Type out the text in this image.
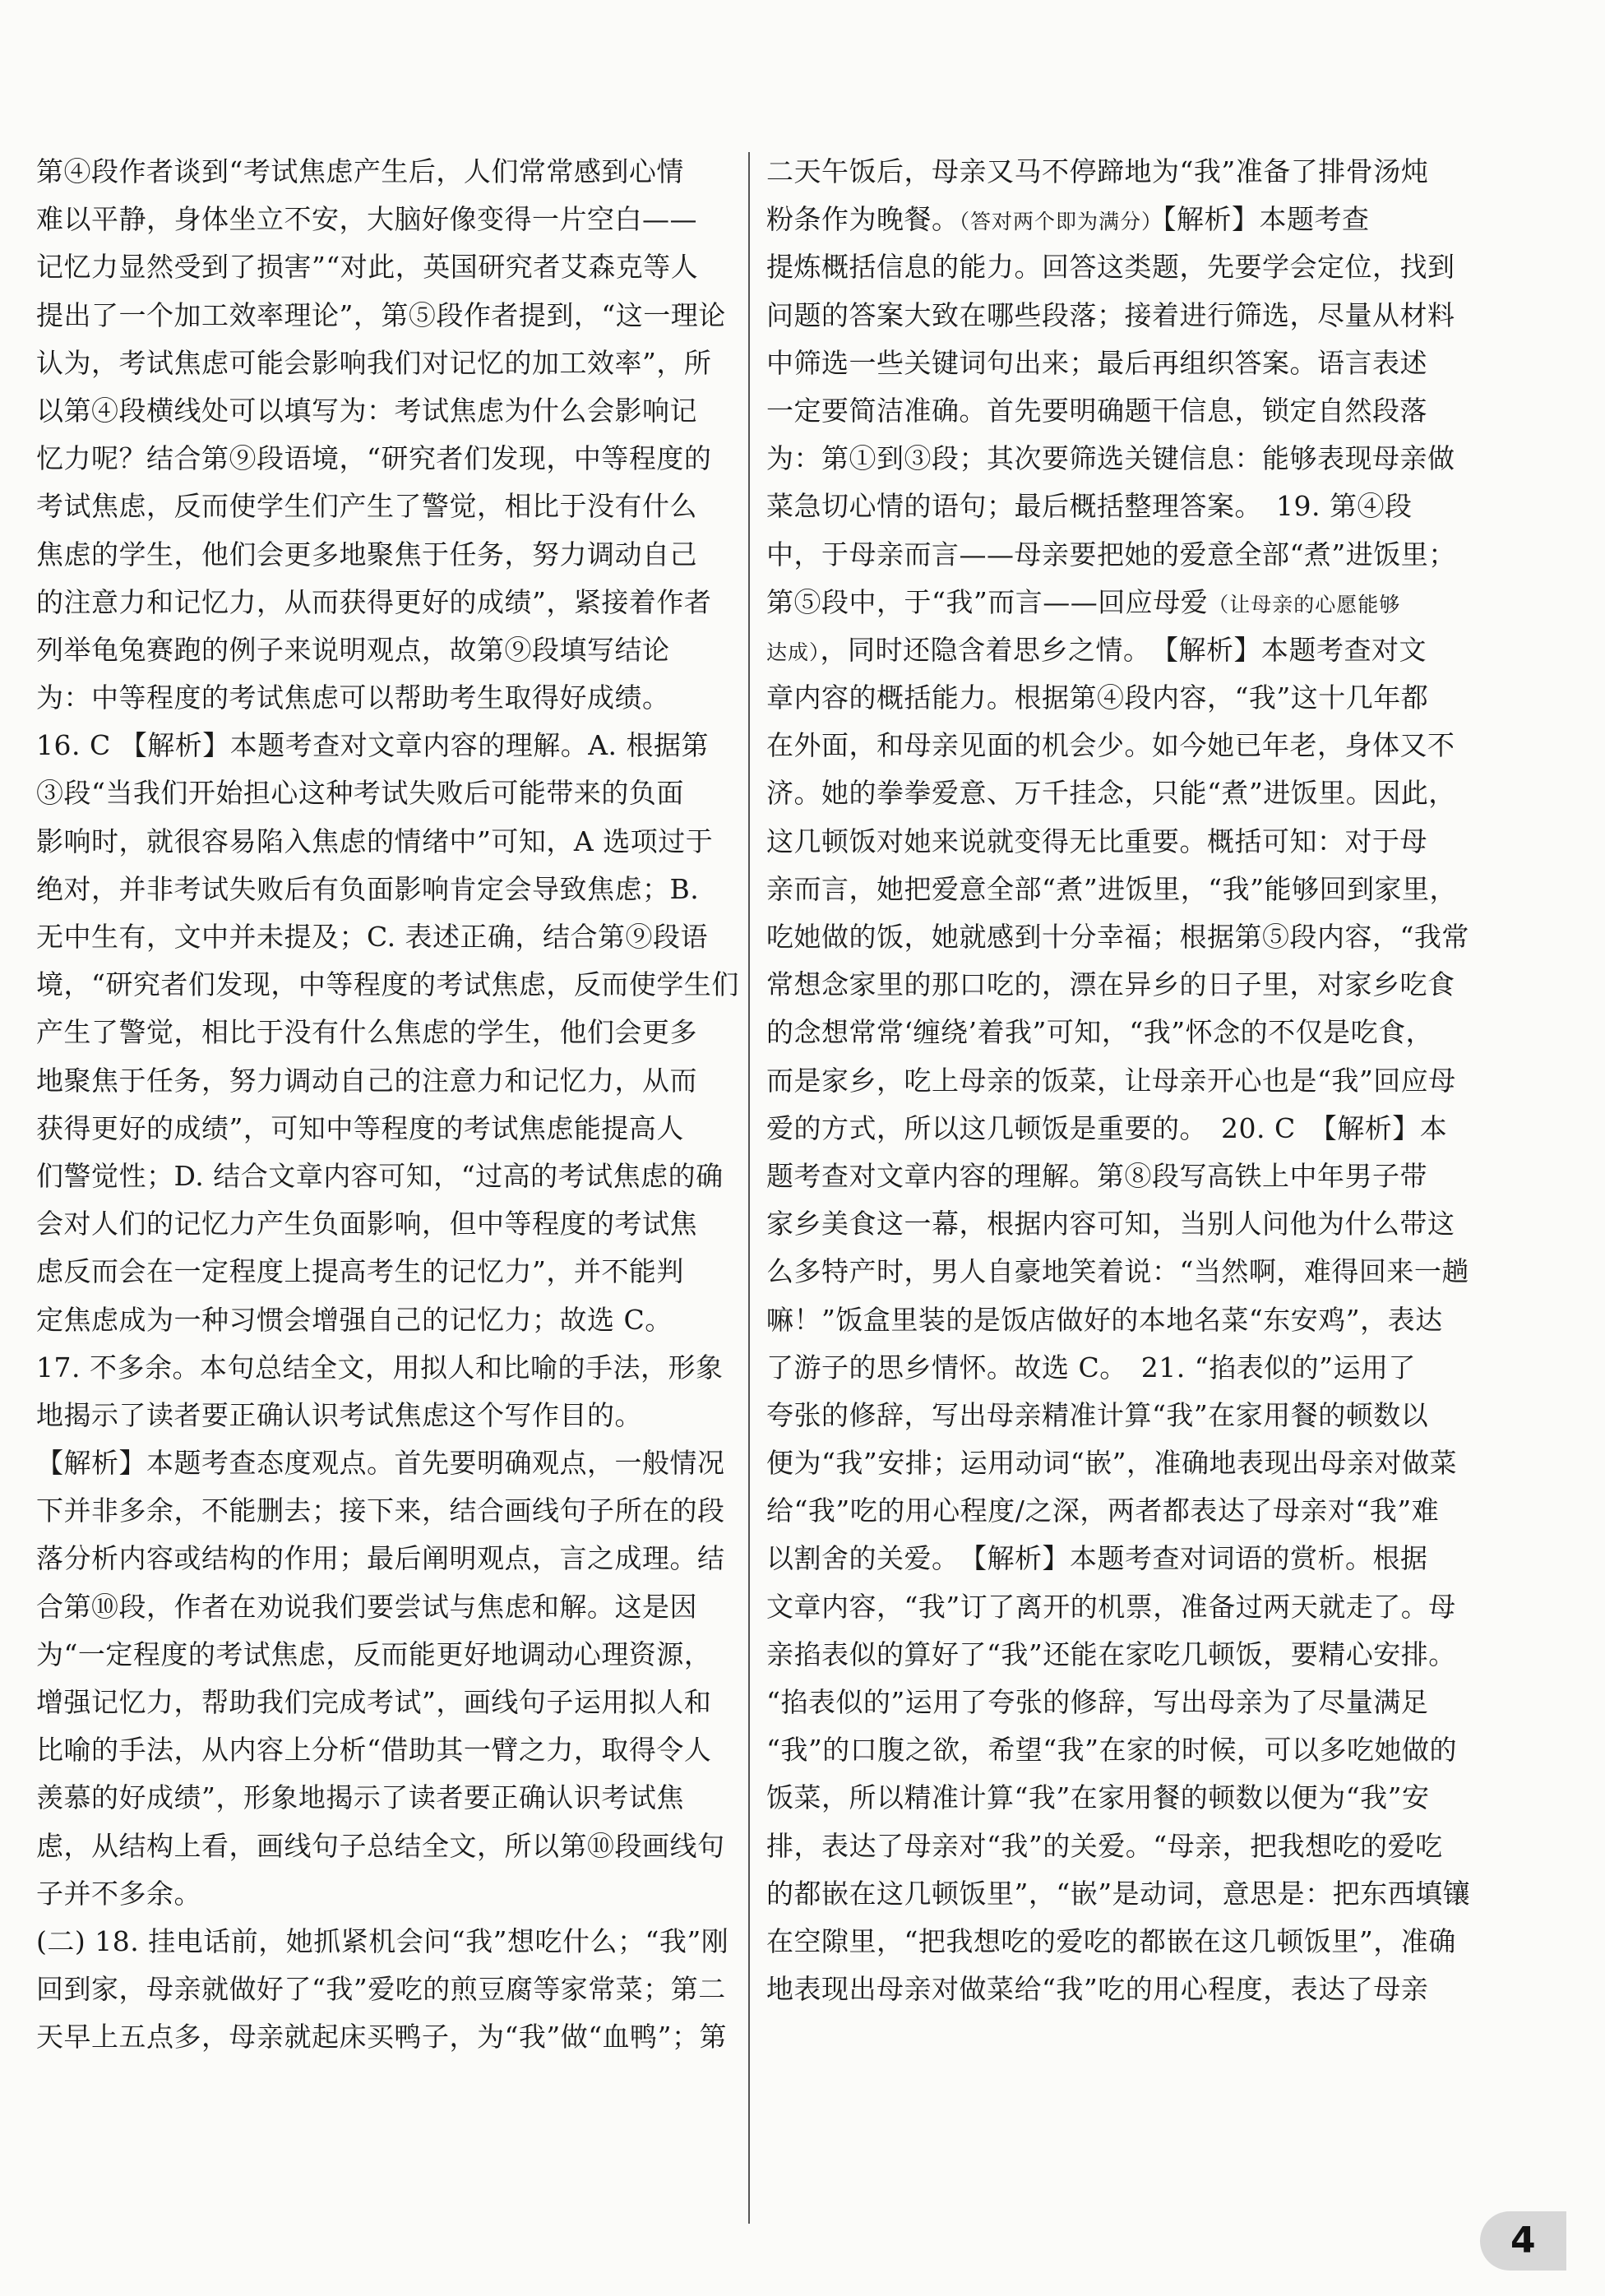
第④段作者谈到“考试焦虑产生后，人们常常感到心情
难以平静，身体坐立不安，大脑好像变得一片空白——
记忆力显然受到了损害”“对此，英国研究者艾森克等人
提出了一个加工效率理论”，第⑤段作者提到，“这一理论
认为，考试焦虑可能会影响我们对记忆的加工效率”，所
以第④段横线处可以填写为：考试焦虑为什么会影响记
忆力呢？结合第⑨段语境，“研究者们发现，中等程度的
考试焦虑，反而使学生们产生了警觉，相比于没有什么
焦虑的学生，他们会更多地聚焦于任务，努力调动自己
的注意力和记忆力，从而获得更好的成绩”，紧接着作者
列举龟兔赛跑的例子来说明观点，故第⑨段填写结论
为：中等程度的考试焦虑可以帮助考生取得好成绩。
16. C 【解析】本题考查对文章内容的理解。A. 根据第
③段“当我们开始担心这种考试失败后可能带来的负面
影响时，就很容易陷入焦虑的情绪中”可知，A 选项过于
绝对，并非考试失败后有负面影响肯定会导致焦虑；B.
无中生有，文中并未提及；C. 表述正确，结合第⑨段语
境，“研究者们发现，中等程度的考试焦虑，反而使学生们
产生了警觉，相比于没有什么焦虑的学生，他们会更多
地聚焦于任务，努力调动自己的注意力和记忆力，从而
获得更好的成绩”，可知中等程度的考试焦虑能提高人
们警觉性；D. 结合文章内容可知，“过高的考试焦虑的确
会对人们的记忆力产生负面影响，但中等程度的考试焦
虑反而会在一定程度上提高考生的记忆力”，并不能判
定焦虑成为一种习惯会增强自己的记忆力；故选 C。
17. 不多余。本句总结全文，用拟人和比喻的手法，形象
地揭示了读者要正确认识考试焦虑这个写作目的。
【解析】本题考查态度观点。首先要明确观点，一般情况
下并非多余，不能删去；接下来，结合画线句子所在的段
落分析内容或结构的作用；最后阐明观点，言之成理。结
合第⑩段，作者在劝说我们要尝试与焦虑和解。这是因
为“一定程度的考试焦虑，反而能更好地调动心理资源，
增强记忆力，帮助我们完成考试”，画线句子运用拟人和
比喻的手法，从内容上分析“借助其一臂之力，取得令人
羡慕的好成绩”，形象地揭示了读者要正确认识考试焦
虑，从结构上看，画线句子总结全文，所以第⑩段画线句
子并不多余。
(二) 18. 挂电话前，她抓紧机会问“我”想吃什么；“我”刚
回到家，母亲就做好了“我”爱吃的煎豆腐等家常菜；第二
天早上五点多，母亲就起床买鸭子，为“我”做“血鸭”；第
二天午饭后，母亲又马不停蹄地为“我”准备了排骨汤炖
粉条作为晚餐。（答对两个即为满分）【解析】本题考查
提炼概括信息的能力。回答这类题，先要学会定位，找到
问题的答案大致在哪些段落；接着进行筛选，尽量从材料
中筛选一些关键词句出来；最后再组织答案。语言表述
一定要简洁准确。首先要明确题干信息，锁定自然段落
为：第①到③段；其次要筛选关键信息：能够表现母亲做
菜急切心情的语句；最后概括整理答案。　19. 第④段
中，于母亲而言——母亲要把她的爱意全部“煮”进饭里；
第⑤段中，于“我”而言——回应母爱（让母亲的心愿能够
达成），同时还隐含着思乡之情。　【解析】本题考查对文
章内容的概括能力。根据第④段内容，“我”这十几年都
在外面，和母亲见面的机会少。如今她已年老，身体又不
济。她的拳拳爱意、万千挂念，只能“煮”进饭里。因此，
这几顿饭对她来说就变得无比重要。概括可知：对于母
亲而言，她把爱意全部“煮”进饭里，“我”能够回到家里，
吃她做的饭，她就感到十分幸福；根据第⑤段内容，“我常
常想念家里的那口吃的，漂在异乡的日子里，对家乡吃食
的念想常常‘缠绕’着我”可知，“我”怀念的不仅是吃食，
而是家乡，吃上母亲的饭菜，让母亲开心也是“我”回应母
爱的方式，所以这几顿饭是重要的。　20. C　【解析】本
题考查对文章内容的理解。第⑧段写高铁上中年男子带
家乡美食这一幕，根据内容可知，当别人问他为什么带这
么多特产时，男人自豪地笑着说：“当然啊，难得回来一趟
嘛！”饭盒里装的是饭店做好的本地名菜“东安鸡”，表达
了游子的思乡情怀。故选 C。　21. “掐表似的”运用了
夸张的修辞，写出母亲精准计算“我”在家用餐的顿数以
便为“我”安排；运用动词“嵌”，准确地表现出母亲对做菜
给“我”吃的用心程度/之深，两者都表达了母亲对“我”难
以割舍的关爱。　【解析】本题考查对词语的赏析。根据
文章内容，“我”订了离开的机票，准备过两天就走了。母
亲掐表似的算好了“我”还能在家吃几顿饭，要精心安排。
“掐表似的”运用了夸张的修辞，写出母亲为了尽量满足
“我”的口腹之欲，希望“我”在家的时候，可以多吃她做的
饭菜，所以精准计算“我”在家用餐的顿数以便为“我”安
排，表达了母亲对“我”的关爱。“母亲，把我想吃的爱吃
的都嵌在这几顿饭里”，“嵌”是动词，意思是：把东西填镶
在空隙里，“把我想吃的爱吃的都嵌在这几顿饭里”，准确
地表现出母亲对做菜给“我”吃的用心程度，表达了母亲
4
